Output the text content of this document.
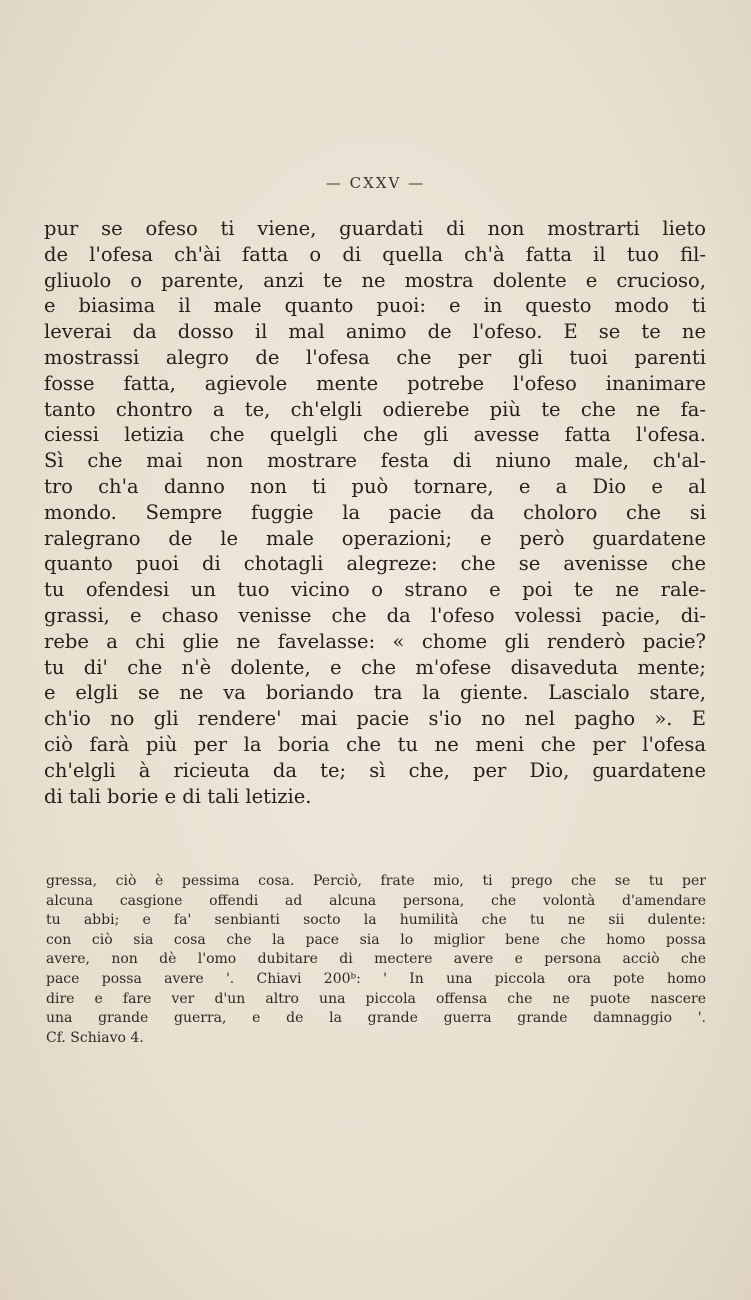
— CXXV —
pur se ofeso ti viene, guardati di non mostrarti lieto
de l'ofesa ch'ài fatta o di quella ch'à fatta il tuo fil-
gliuolo o parente, anzi te ne mostra dolente e crucioso,
e biasima il male quanto puoi: e in questo modo ti
leverai da dosso il mal animo de l'ofeso. E se te ne
mostrassi alegro de l'ofesa che per gli tuoi parenti
fosse fatta, agievole mente potrebe l'ofeso inanimare
tanto chontro a te, ch'elgli odierebe più te che ne fa-
ciessi letizia che quelgli che gli avesse fatta l'ofesa.
Sì che mai non mostrare festa di niuno male, ch'al-
tro ch'a danno non ti può tornare, e a Dio e al
mondo. Sempre fuggie la pacie da choloro che si
ralegrano de le male operazioni; e però guardatene
quanto puoi di chotagli alegreze: che se avenisse che
tu ofendesi un tuo vicino o strano e poi te ne rale-
grassi, e chaso venisse che da l'ofeso volessi pacie, di-
rebe a chi glie ne favelasse: « chome gli renderò pacie?
tu di' che n'è dolente, e che m'ofese disaveduta mente;
e elgli se ne va boriando tra la giente. Lascialo stare,
ch'io no gli rendere' mai pacie s'io no nel pagho ». E
ciò farà più per la boria che tu ne meni che per l'ofesa
ch'elgli à ricieuta da te; sì che, per Dio, guardatene
di tali borie e di tali letizie.
gressa, ciò è pessima cosa. Perciò, frate mio, ti prego che se tu per
alcuna casgione offendi ad alcuna persona, che volontà d'amendare
tu abbi; e fa' senbianti socto la humilità che tu ne sii dulente:
con ciò sia cosa che la pace sia lo miglior bene che homo possa
avere, non dè l'omo dubitare di mectere avere e persona acciò che
pace possa avere '. Chiavi 200ᵇ: ' In una piccola ora pote homo
dire e fare ver d'un altro una piccola offensa che ne puote nascere
una grande guerra, e de la grande guerra grande damnaggio '.
Cf. Schiavo 4.
